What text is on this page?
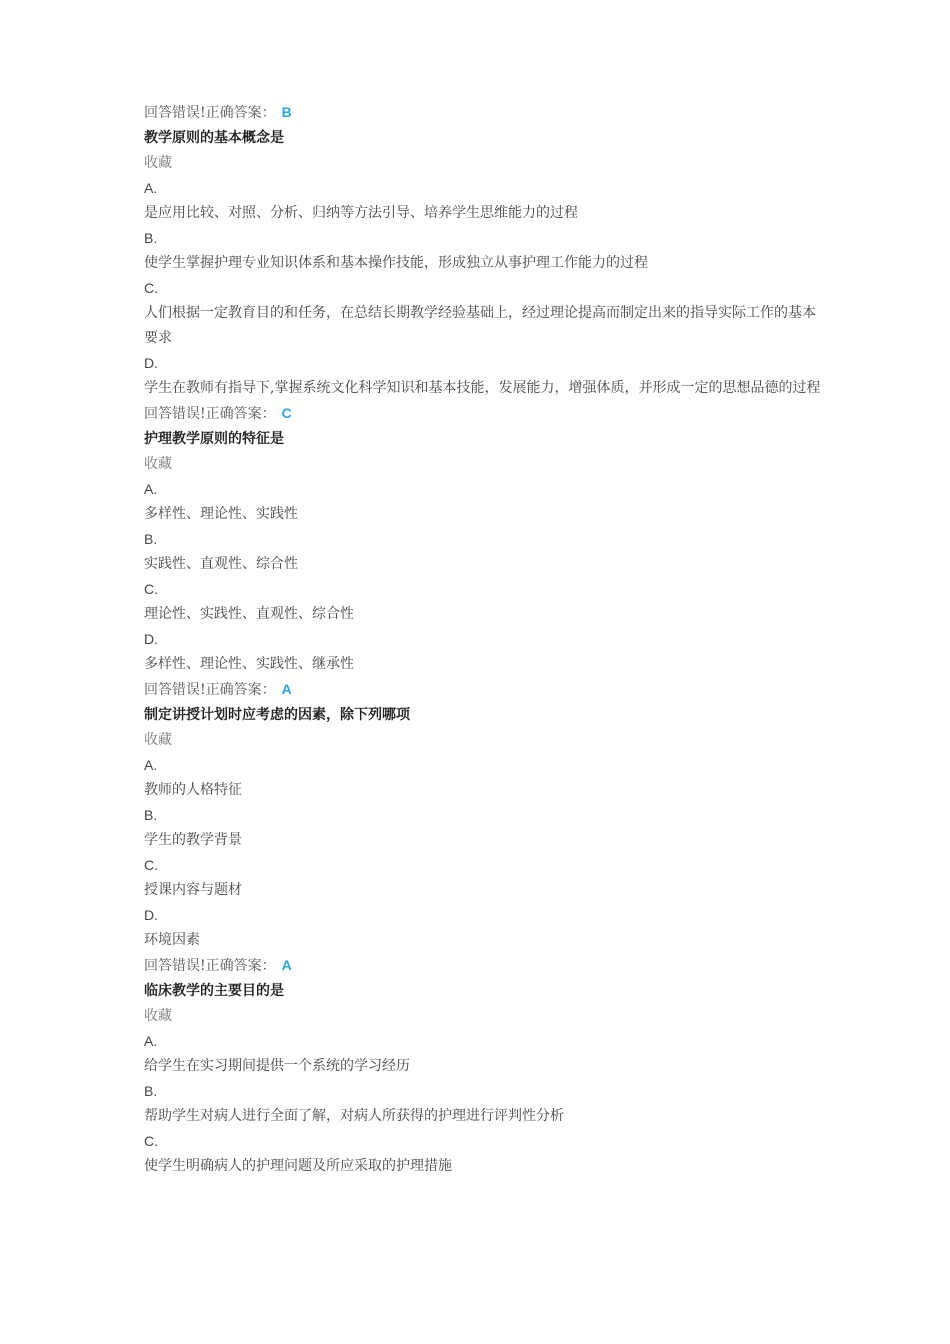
回答错误!正确答案： B
教学原则的基本概念是
收藏
A.
是应用比较、对照、分析、归纳等方法引导、培养学生思维能力的过程
B.
使学生掌握护理专业知识体系和基本操作技能，形成独立从事护理工作能力的过程
C.
人们根据一定教育目的和任务，在总结长期教学经验基础上，经过理论提高而制定出来的指导实际工作的基本要求
D.
学生在教师有指导下,掌握系统文化科学知识和基本技能，发展能力，增强体质，并形成一定的思想品德的过程
回答错误!正确答案： C
护理教学原则的特征是
收藏
A.
多样性、理论性、实践性
B.
实践性、直观性、综合性
C.
理论性、实践性、直观性、综合性
D.
多样性、理论性、实践性、继承性
回答错误!正确答案： A
制定讲授计划时应考虑的因素，除下列哪项
收藏
A.
教师的人格特征
B.
学生的教学背景
C.
授课内容与题材
D.
环境因素
回答错误!正确答案： A
临床教学的主要目的是
收藏
A.
给学生在实习期间提供一个系统的学习经历
B.
帮助学生对病人进行全面了解，对病人所获得的护理进行评判性分析
C.
使学生明确病人的护理问题及所应采取的护理措施
